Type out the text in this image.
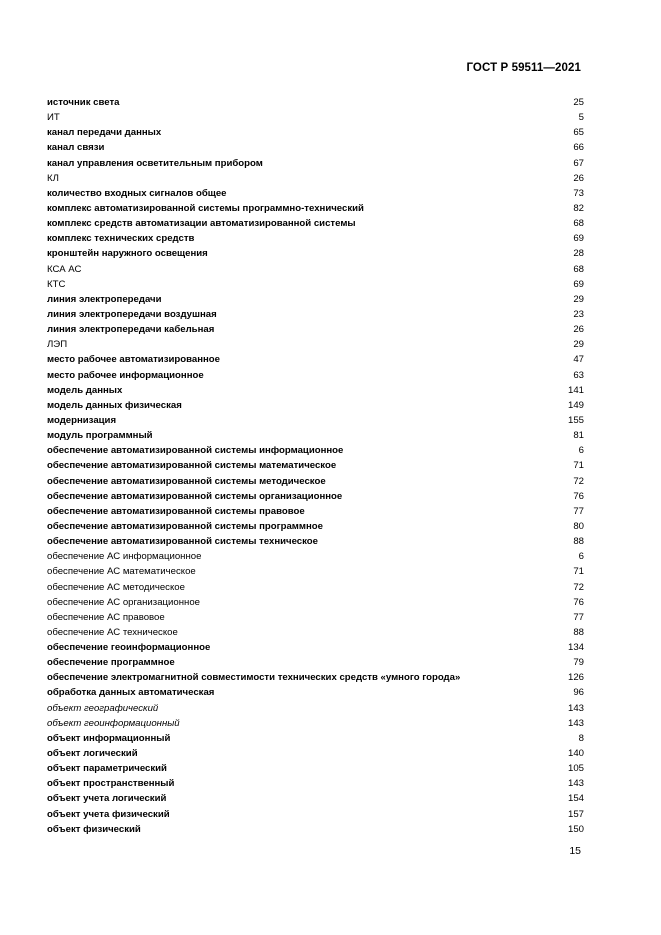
ГОСТ Р 59511—2021
источник света	25
ИТ	5
канал передачи данных	65
канал связи	66
канал управления осветительным прибором	67
КЛ	26
количество входных сигналов общее	73
комплекс автоматизированной системы программно-технический	82
комплекс средств автоматизации автоматизированной системы	68
комплекс технических средств	69
кронштейн наружного освещения	28
КСА АС	68
КТС	69
линия электропередачи	29
линия электропередачи воздушная	23
линия электропередачи кабельная	26
ЛЭП	29
место рабочее автоматизированное	47
место рабочее информационное	63
модель данных	141
модель данных физическая	149
модернизация	155
модуль программный	81
обеспечение автоматизированной системы информационное	6
обеспечение автоматизированной системы математическое	71
обеспечение автоматизированной системы методическое	72
обеспечение автоматизированной системы организационное	76
обеспечение автоматизированной системы правовое	77
обеспечение автоматизированной системы программное	80
обеспечение автоматизированной системы техническое	88
обеспечение АС информационное	6
обеспечение АС математическое	71
обеспечение АС методическое	72
обеспечение АС организационное	76
обеспечение АС правовое	77
обеспечение АС техническое	88
обеспечение геоинформационное	134
обеспечение программное	79
обеспечение электромагнитной совместимости технических средств «умного города»	126
обработка данных автоматическая	96
объект географический	143
объект геоинформационный	143
объект информационный	8
объект логический	140
объект параметрический	105
объект пространственный	143
объект учета логический	154
объект учета физический	157
объект физический	150
15
